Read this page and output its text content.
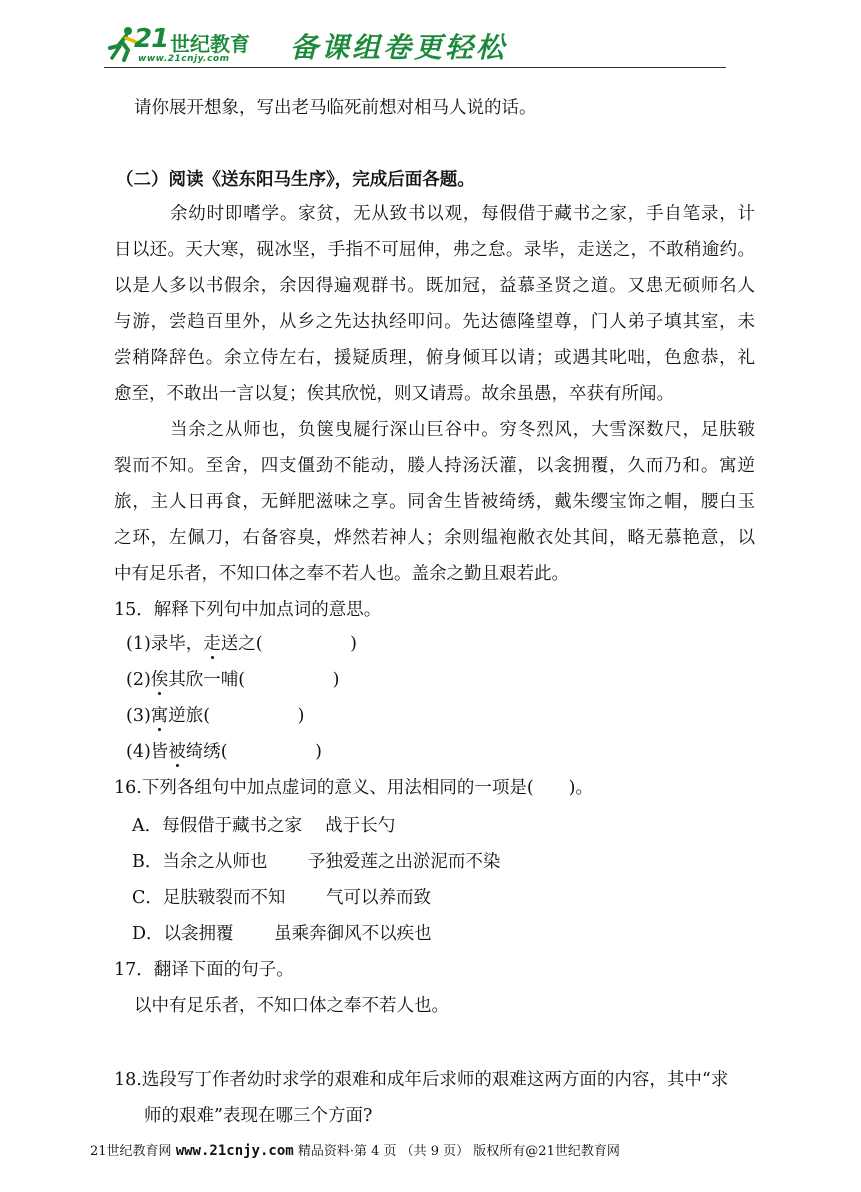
21 世纪教育
www.21cnjy.com 备课组卷更轻松
请你展开想象，写出老马临死前想对相马人说的话。
（二）阅读《送东阳马生序》，完成后面各题。
余幼时即嗜学。家贫，无从致书以观，每假借于藏书之家，手自笔录，计
日以还。天大寒，砚冰坚，手指不可屈伸，弗之怠。录毕，走送之，不敢稍逾约。
以是人多以书假余，余因得遍观群书。既加冠，益慕圣贤之道。又患无硕师名人
与游，尝趋百里外，从乡之先达执经叩问。先达德隆望尊，门人弟子填其室，未
尝稍降辞色。余立侍左右，援疑质理，俯身倾耳以请；或遇其叱咄，色愈恭，礼
愈至，不敢出一言以复；俟其欣悦，则又请焉。故余虽愚，卒获有所闻。
当余之从师也，负箧曳屣行深山巨谷中。穷冬烈风，大雪深数尺，足肤皲
裂而不知。至舍，四支僵劲不能动，媵人持汤沃灌，以衾拥覆，久而乃和。寓逆
旅，主人日再食，无鲜肥滋味之享。同舍生皆被绮绣，戴朱缨宝饰之帽，腰白玉
之环，左佩刀，右备容臭，烨然若神人；余则缊袍敝衣处其间，略无慕艳意，以
中有足乐者，不知口体之奉不若人也。盖余之勤且艰若此。
15．解释下列句中加点词的意思。
(1)录毕，走送之(　　　　　)
(2)俟其欣一哺(　　　　　)
(3)寓逆旅(　　　　　)
(4)皆被绮绣(　　　　　)
16.下列各组句中加点虚词的意义、用法相同的一项是(　　)。
A．每假借于藏书之家　 战于长勺
B．当余之从师也　　 予独爱莲之出淤泥而不染
C．足肤皲裂而不知　　 气可以养而致
D．以衾拥覆　　 虽乘奔御风不以疾也
17．翻译下面的句子。
以中有足乐者，不知口体之奉不若人也。
18.选段写丁作者幼时求学的艰难和成年后求师的艰难这两方面的内容，其中“求
师的艰难”表现在哪三个方面?
21世纪教育网 www.21cnjy.com 精品资料·第 4 页 （共 9 页） 版权所有@21世纪教育网
